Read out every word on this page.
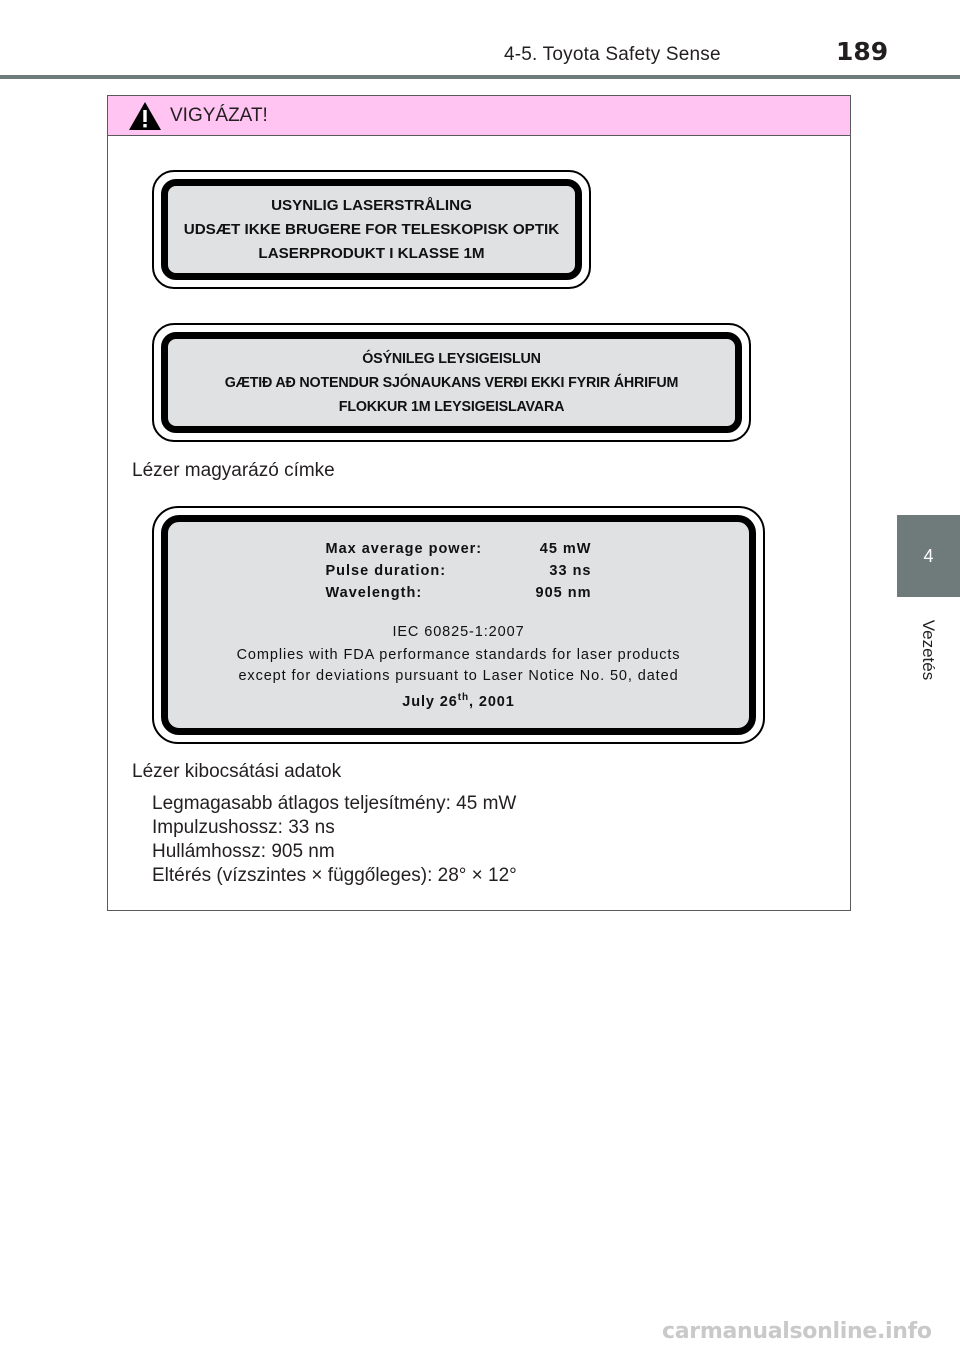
4-5. Toyota Safety Sense	189
4
Vezetés
VIGYÁZAT!
USYNLIG LASERSTRÅLING
UDSÆT IKKE BRUGERE FOR TELESKOPISK OPTIK
LASERPRODUKT I KLASSE 1M
ÓSÝNILEG LEYSIGEISLUN
GÆTIÐ AÐ NOTENDUR SJÓNAUKANS VERÐI EKKI FYRIR ÁHRIFUM
FLOKKUR 1M LEYSIGEISLAVARA
Lézer magyarázó címke
Max average power:	45 mW
Pulse duration:	33 ns
Wavelength:	905 nm
IEC 60825-1:2007
Complies with FDA performance standards for laser products
except for deviations pursuant to Laser Notice No. 50, dated
July 26th, 2001
Lézer kibocsátási adatok
Legmagasabb átlagos teljesítmény: 45 mW
Impulzushossz: 33 ns
Hullámhossz: 905 nm
Eltérés (vízszintes × függőleges): 28° × 12°
carmanualsonline.info
